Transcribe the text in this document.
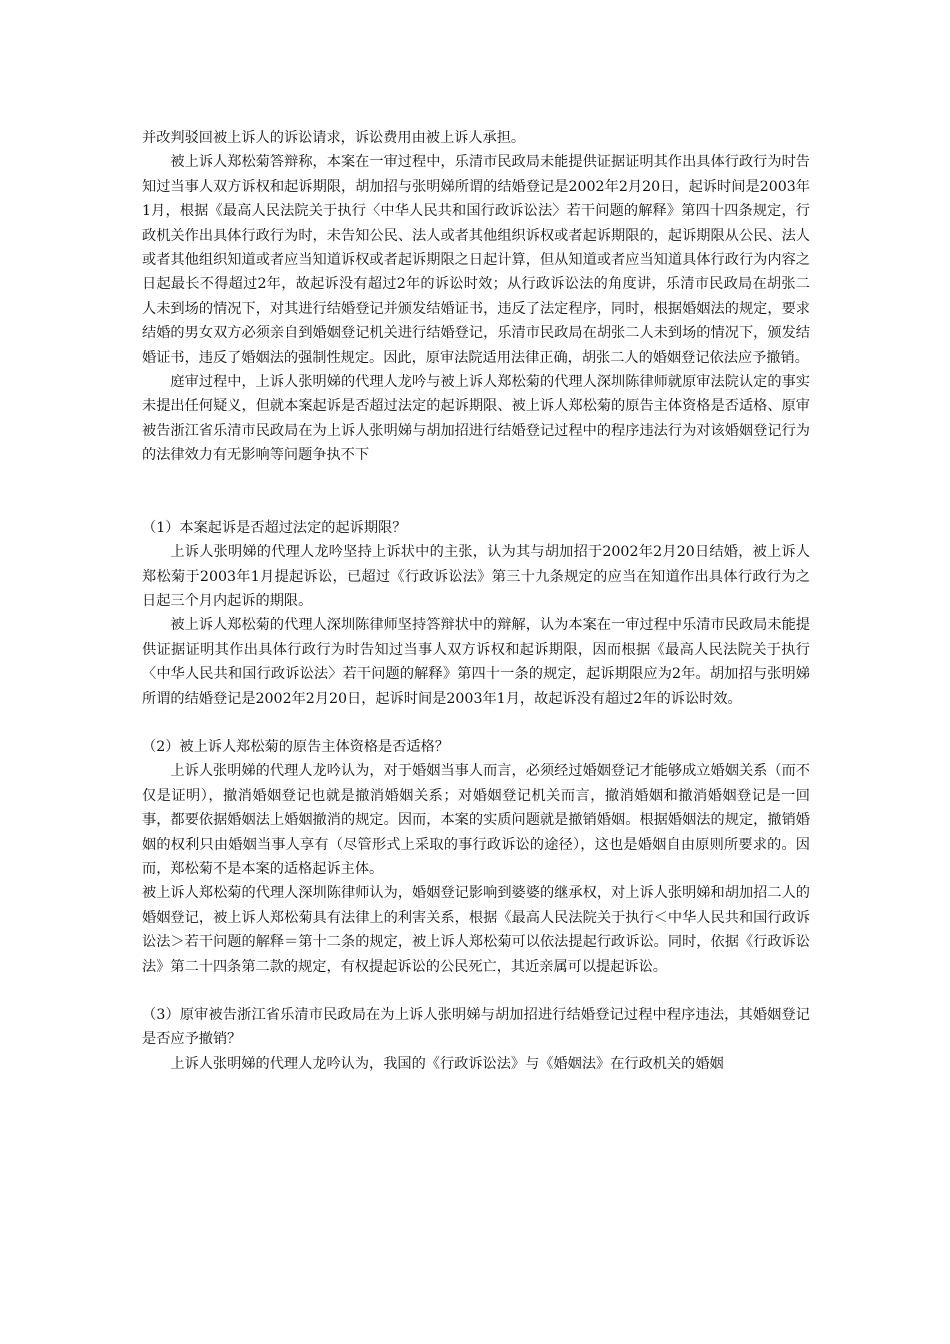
并改判驳回被上诉人的诉讼请求，诉讼费用由被上诉人承担。

被上诉人郑松菊答辩称，本案在一审过程中，乐清市民政局未能提供证据证明其作出具体行政行为时告知过当事人双方诉权和起诉期限，胡加招与张明娣所谓的结婚登记是2002年2月20日，起诉时间是2003年1月，根据《最高人民法院关于执行〈中华人民共和国行政诉讼法〉若干问题的解释》第四十四条规定，行政机关作出具体行政行为时，未告知公民、法人或者其他组织诉权或者起诉期限的，起诉期限从公民、法人或者其他组织知道或者应当知道诉权或者起诉期限之日起计算，但从知道或者应当知道具体行政行为内容之日起最长不得超过2年，故起诉没有超过2年的诉讼时效；从行政诉讼法的角度讲，乐清市民政局在胡张二人未到场的情况下，对其进行结婚登记并颁发结婚证书，违反了法定程序，同时，根据婚姻法的规定，要求结婚的男女双方必须亲自到婚姻登记机关进行结婚登记，乐清市民政局在胡张二人未到场的情况下，颁发结婚证书，违反了婚姻法的强制性规定。因此，原审法院适用法律正确，胡张二人的婚姻登记依法应予撤销。

庭审过程中，上诉人张明娣的代理人龙吟与被上诉人郑松菊的代理人深圳陈律师就原审法院认定的事实未提出任何疑义，但就本案起诉是否超过法定的起诉期限、被上诉人郑松菊的原告主体资格是否适格、原审被告浙江省乐清市民政局在为上诉人张明娣与胡加招进行结婚登记过程中的程序违法行为对该婚姻登记行为的法律效力有无影响等问题争执不下

（1）本案起诉是否超过法定的起诉期限？

上诉人张明娣的代理人龙吟坚持上诉状中的主张，认为其与胡加招于2002年2月20日结婚，被上诉人郑松菊于2003年1月提起诉讼，已超过《行政诉讼法》第三十九条规定的应当在知道作出具体行政行为之日起三个月内起诉的期限。

被上诉人郑松菊的代理人深圳陈律师坚持答辩状中的辩解，认为本案在一审过程中乐清市民政局未能提供证据证明其作出具体行政行为时告知过当事人双方诉权和起诉期限，因而根据《最高人民法院关于执行〈中华人民共和国行政诉讼法〉若干问题的解释》第四十一条的规定，起诉期限应为2年。胡加招与张明娣所谓的结婚登记是2002年2月20日，起诉时间是2003年1月，故起诉没有超过2年的诉讼时效。

（2）被上诉人郑松菊的原告主体资格是否适格？

上诉人张明娣的代理人龙吟认为，对于婚姻当事人而言，必须经过婚姻登记才能够成立婚姻关系（而不仅是证明），撤消婚姻登记也就是撤消婚姻关系；对婚姻登记机关而言，撤消婚姻和撤消婚姻登记是一回事，都要依据婚姻法上婚姻撤消的规定。因而，本案的实质问题就是撤销婚姻。根据婚姻法的规定，撤销婚姻的权利只由婚姻当事人享有（尽管形式上采取的事行政诉讼的途径），这也是婚姻自由原则所要求的。因而，郑松菊不是本案的适格起诉主体。

被上诉人郑松菊的代理人深圳陈律师认为，婚姻登记影响到婆婆的继承权，对上诉人张明娣和胡加招二人的婚姻登记，被上诉人郑松菊具有法律上的利害关系，根据《最高人民法院关于执行＜中华人民共和国行政诉讼法＞若干问题的解释＝第十二条的规定，被上诉人郑松菊可以依法提起行政诉讼。同时，依据《行政诉讼法》第二十四条第二款的规定，有权提起诉讼的公民死亡，其近亲属可以提起诉讼。

（3）原审被告浙江省乐清市民政局在为上诉人张明娣与胡加招进行结婚登记过程中程序违法，其婚姻登记是否应予撤销？

上诉人张明娣的代理人龙吟认为，我国的《行政诉讼法》与《婚姻法》在行政机关的婚姻
